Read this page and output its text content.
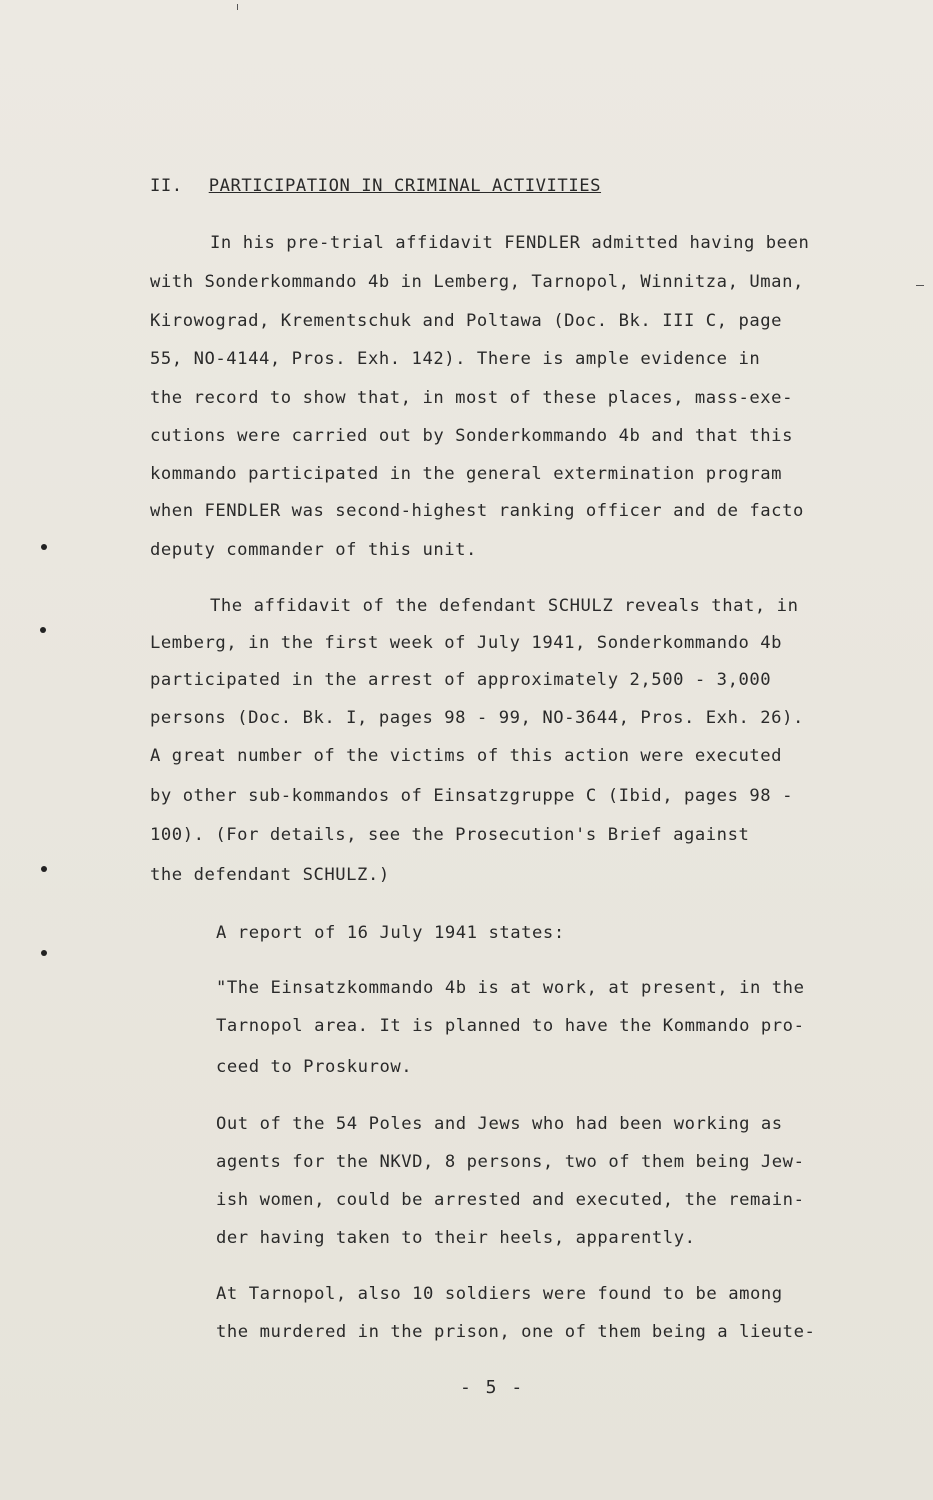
II. PARTICIPATION IN CRIMINAL ACTIVITIES
In his pre-trial affidavit FENDLER admitted having been
with Sonderkommando 4b in Lemberg, Tarnopol, Winnitza, Uman,
Kirowograd, Krementschuk and Poltawa (Doc. Bk. III C, page
55, NO-4144, Pros. Exh. 142). There is ample evidence in
the record to show that, in most of these places, mass-exe-
cutions were carried out by Sonderkommando 4b and that this
kommando participated in the general extermination program
when FENDLER was second-highest ranking officer and de facto
deputy commander of this unit.
The affidavit of the defendant SCHULZ reveals that, in
Lemberg, in the first week of July 1941, Sonderkommando 4b
participated in the arrest of approximately 2,500 - 3,000
persons (Doc. Bk. I, pages 98 - 99, NO-3644, Pros. Exh. 26).
A great number of the victims of this action were executed
by other sub-kommandos of Einsatzgruppe C (Ibid, pages 98 -
100). (For details, see the Prosecution's Brief against
the defendant SCHULZ.)
A report of 16 July 1941 states:
"The Einsatzkommando 4b is at work, at present, in the
Tarnopol area. It is planned to have the Kommando pro-
ceed to Proskurow.
Out of the 54 Poles and Jews who had been working as
agents for the NKVD, 8 persons, two of them being Jew-
ish women, could be arrested and executed, the remain-
der having taken to their heels, apparently.
At Tarnopol, also 10 soldiers were found to be among
the murdered in the prison, one of them being a lieute-
- 5 -
